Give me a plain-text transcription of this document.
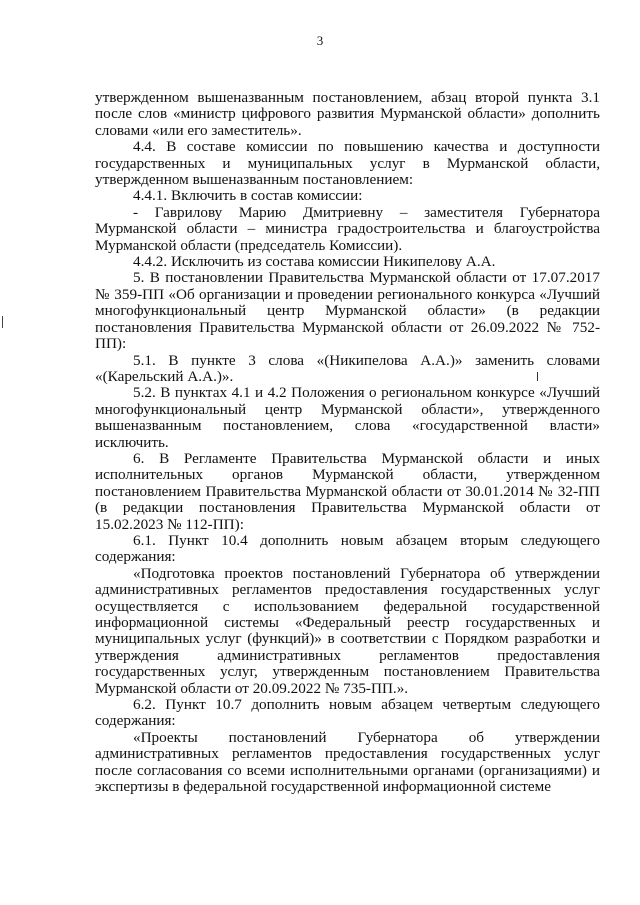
3

утвержденном вышеназванным постановлением, абзац второй пункта 3.1 после слов «министр цифрового развития Мурманской области» дополнить словами «или его заместитель».

4.4. В составе комиссии по повышению качества и доступности государственных и муниципальных услуг в Мурманской области, утвержденном вышеназванным постановлением:

4.4.1. Включить в состав комиссии:

- Гаврилову Марию Дмитриевну – заместителя Губернатора Мурманской области – министра градостроительства и благоустройства Мурманской области (председатель Комиссии).

4.4.2. Исключить из состава комиссии Никипелову А.А.

5. В постановлении Правительства Мурманской области от 17.07.2017 № 359-ПП «Об организации и проведении регионального конкурса «Лучший многофункциональный центр Мурманской области» (в редакции постановления Правительства Мурманской области от 26.09.2022 № 752-ПП):

5.1. В пункте 3 слова «(Никипелова А.А.)» заменить словами «(Карельский А.А.)».

5.2. В пунктах 4.1 и 4.2 Положения о региональном конкурсе «Лучший многофункциональный центр Мурманской области», утвержденного вышеназванным постановлением, слова «государственной власти» исключить.

6. В Регламенте Правительства Мурманской области и иных исполнительных органов Мурманской области, утвержденном постановлением Правительства Мурманской области от 30.01.2014 № 32-ПП (в редакции постановления Правительства Мурманской области от 15.02.2023 № 112-ПП):

6.1. Пункт 10.4 дополнить новым абзацем вторым следующего содержания:

«Подготовка проектов постановлений Губернатора об утверждении административных регламентов предоставления государственных услуг осуществляется с использованием федеральной государственной информационной системы «Федеральный реестр государственных и муниципальных услуг (функций)» в соответствии с Порядком разработки и утверждения административных регламентов предоставления государственных услуг, утвержденным постановлением Правительства Мурманской области от 20.09.2022 № 735-ПП.».

6.2. Пункт 10.7 дополнить новым абзацем четвертым следующего содержания:

«Проекты постановлений Губернатора об утверждении административных регламентов предоставления государственных услуг после согласования со всеми исполнительными органами (организациями) и экспертизы в федеральной государственной информационной системе
